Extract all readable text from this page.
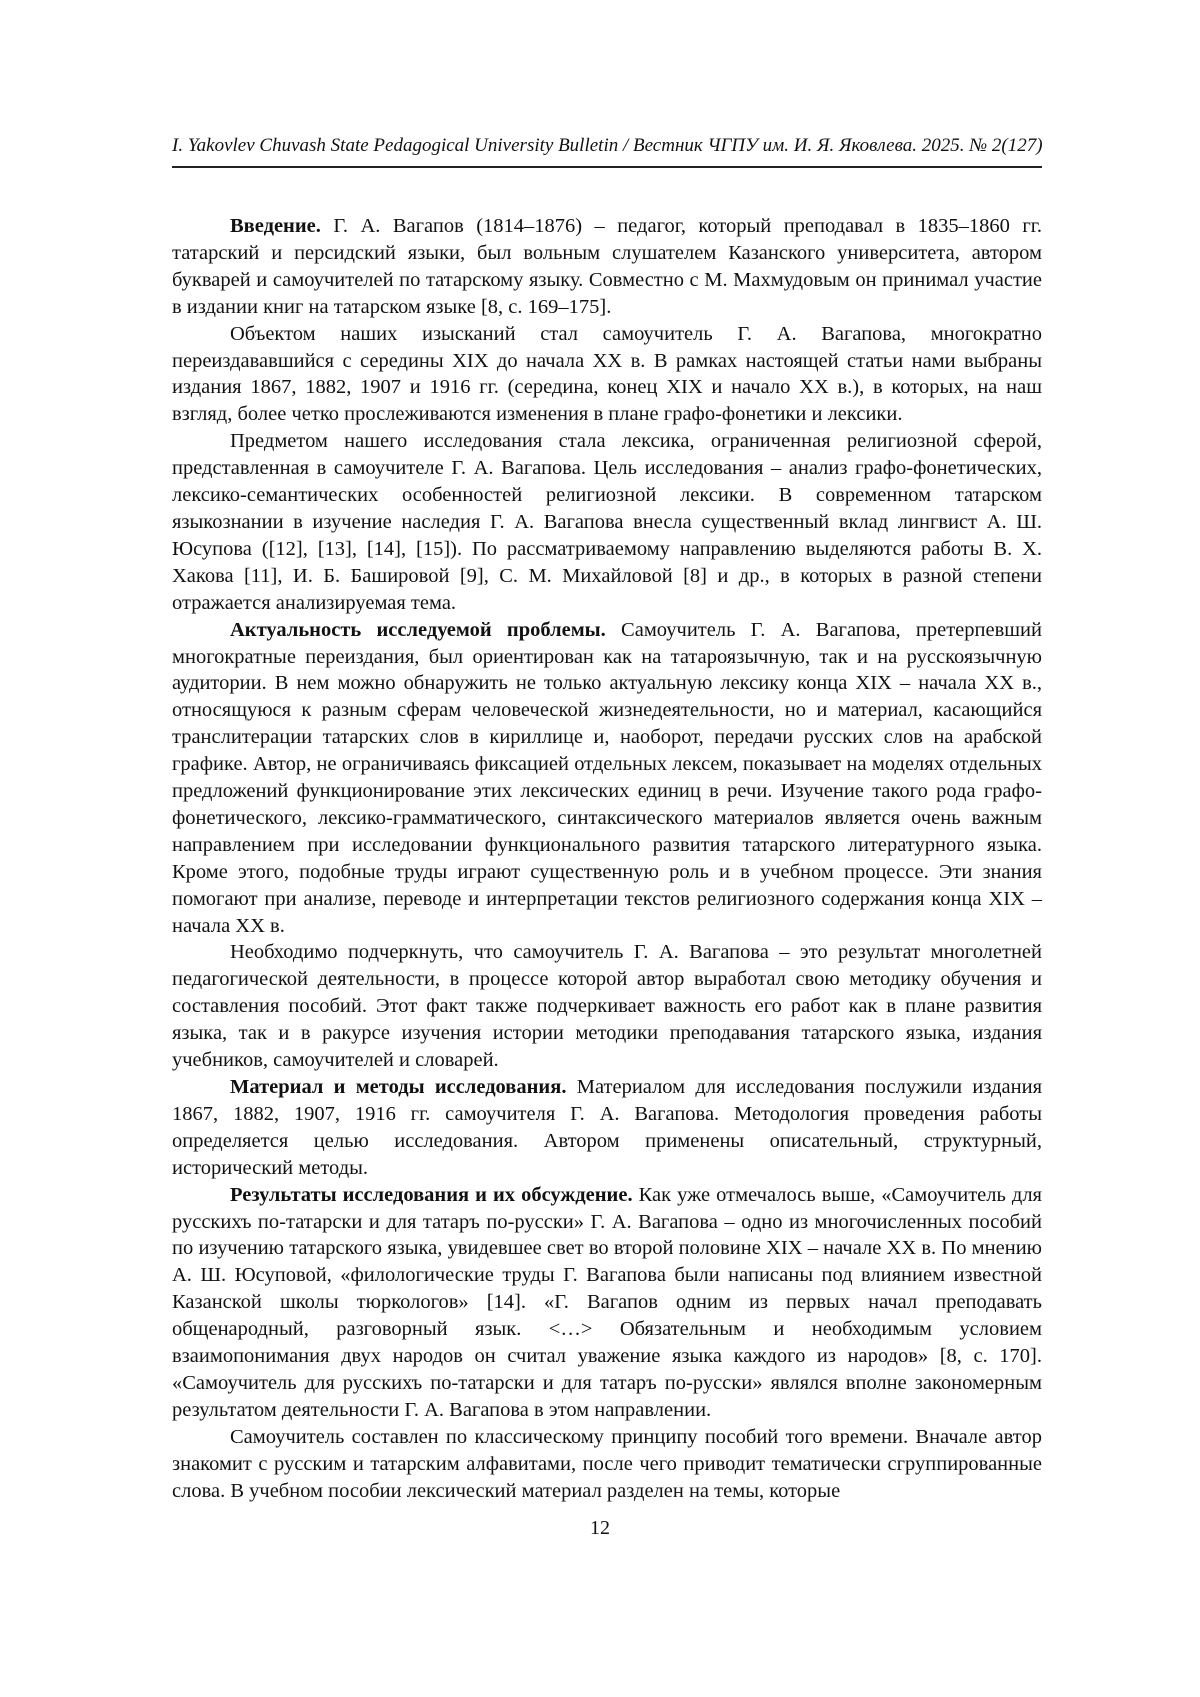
I. Yakovlev Chuvash State Pedagogical University Bulletin / Вестник ЧГПУ им. И. Я. Яковлева. 2025. № 2(127)

Введение. Г. А. Вагапов (1814–1876) – педагог, который преподавал в 1835–1860 гг. татарский и персидский языки, был вольным слушателем Казанского университета, автором букварей и самоучителей по татарскому языку. Совместно с М. Махмудовым он принимал участие в издании книг на татарском языке [8, с. 169–175].

Объектом наших изысканий стал самоучитель Г. А. Вагапова, многократно переиздававшийся с середины XIX до начала XX в. В рамках настоящей статьи нами выбраны издания 1867, 1882, 1907 и 1916 гг. (середина, конец XIX и начало XX в.), в которых, на наш взгляд, более четко прослеживаются изменения в плане графо-фонетики и лексики.

Предметом нашего исследования стала лексика, ограниченная религиозной сферой, представленная в самоучителе Г. А. Вагапова. Цель исследования – анализ графо-фонетических, лексико-семантических особенностей религиозной лексики. В современном татарском языкознании в изучение наследия Г. А. Вагапова внесла существенный вклад лингвист А. Ш. Юсупова ([12], [13], [14], [15]). По рассматриваемому направлению выделяются работы В. Х. Хакова [11], И. Б. Башировой [9], С. М. Михайловой [8] и др., в которых в разной степени отражается анализируемая тема.

Актуальность исследуемой проблемы. Самоучитель Г. А. Вагапова, претерпевший многократные переиздания, был ориентирован как на татароязычную, так и на русскоязычную аудитории. В нем можно обнаружить не только актуальную лексику конца XIX – начала XX в., относящуюся к разным сферам человеческой жизнедеятельности, но и материал, касающийся транслитерации татарских слов в кириллице и, наоборот, передачи русских слов на арабской графике. Автор, не ограничиваясь фиксацией отдельных лексем, показывает на моделях отдельных предложений функционирование этих лексических единиц в речи. Изучение такого рода графо-фонетического, лексико-грамматического, синтаксического материалов является очень важным направлением при исследовании функционального развития татарского литературного языка. Кроме этого, подобные труды играют существенную роль и в учебном процессе. Эти знания помогают при анализе, переводе и интерпретации текстов религиозного содержания конца XIX – начала XX в.

Необходимо подчеркнуть, что самоучитель Г. А. Вагапова – это результат многолетней педагогической деятельности, в процессе которой автор выработал свою методику обучения и составления пособий. Этот факт также подчеркивает важность его работ как в плане развития языка, так и в ракурсе изучения истории методики преподавания татарского языка, издания учебников, самоучителей и словарей.

Материал и методы исследования. Материалом для исследования послужили издания 1867, 1882, 1907, 1916 гг. самоучителя Г. А. Вагапова. Методология проведения работы определяется целью исследования. Автором применены описательный, структурный, исторический методы.

Результаты исследования и их обсуждение. Как уже отмечалось выше, «Самоучитель для русскихъ по-татарски и для татаръ по-русски» Г. А. Вагапова – одно из многочисленных пособий по изучению татарского языка, увидевшее свет во второй половине XIX – начале XX в. По мнению А. Ш. Юсуповой, «филологические труды Г. Вагапова были написаны под влиянием известной Казанской школы тюркологов» [14]. «Г. Вагапов одним из первых начал преподавать общенародный, разговорный язык. <…> Обязательным и необходимым условием взаимопонимания двух народов он считал уважение языка каждого из народов» [8, с. 170]. «Самоучитель для русскихъ по-татарски и для татаръ по-русски» являлся вполне закономерным результатом деятельности Г. А. Вагапова в этом направлении.

Самоучитель составлен по классическому принципу пособий того времени. Вначале автор знакомит с русским и татарским алфавитами, после чего приводит тематически сгруппированные слова. В учебном пособии лексический материал разделен на темы, которые

12
